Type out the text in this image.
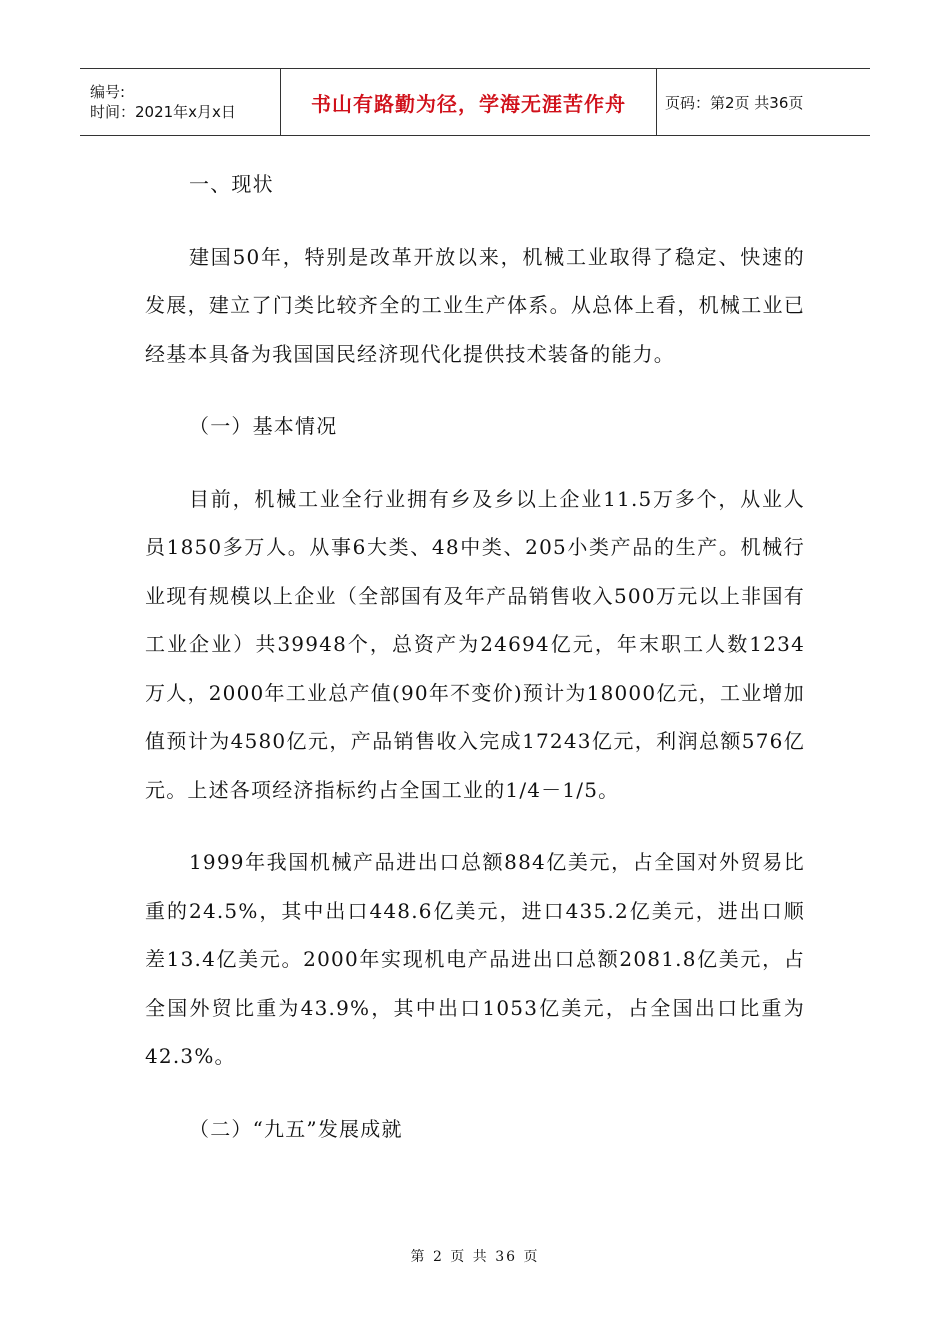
编号:
时间：2021年x月x日	书山有路勤为径，学海无涯苦作舟	页码：第2页 共36页

一、现状

建国50年，特别是改革开放以来，机械工业取得了稳定、快速的发展，建立了门类比较齐全的工业生产体系。从总体上看，机械工业已经基本具备为我国国民经济现代化提供技术装备的能力。

（一）基本情况

目前，机械工业全行业拥有乡及乡以上企业11.5万多个，从业人员1850多万人。从事6大类、48中类、205小类产品的生产。机械行业现有规模以上企业（全部国有及年产品销售收入500万元以上非国有工业企业）共39948个，总资产为24694亿元，年末职工人数1234万人，2000年工业总产值(90年不变价)预计为18000亿元，工业增加值预计为4580亿元，产品销售收入完成17243亿元，利润总额576亿元。上述各项经济指标约占全国工业的1/4－1/5。

1999年我国机械产品进出口总额884亿美元，占全国对外贸易比重的24.5%，其中出口448.6亿美元，进口435.2亿美元，进出口顺差13.4亿美元。2000年实现机电产品进出口总额2081.8亿美元，占全国外贸比重为43.9%，其中出口1053亿美元，占全国出口比重为42.3%。

（二）“九五”发展成就

第 2 页 共 36 页
